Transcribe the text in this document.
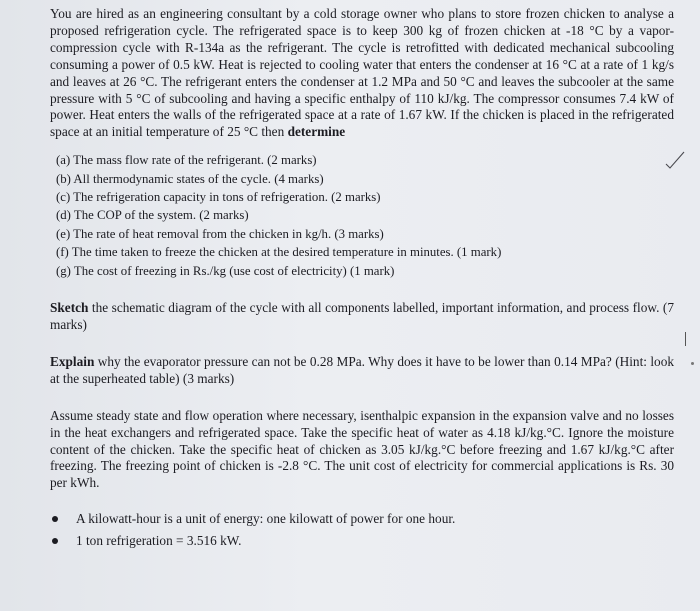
You are hired as an engineering consultant by a cold storage owner who plans to store frozen chicken to analyse a proposed refrigeration cycle. The refrigerated space is to keep 300 kg of frozen chicken at -18 °C by a vapor-compression cycle with R-134a as the refrigerant. The cycle is retrofitted with dedicated mechanical subcooling consuming a power of 0.5 kW. Heat is rejected to cooling water that enters the condenser at 16 °C at a rate of 1 kg/s and leaves at 26 °C. The refrigerant enters the condenser at 1.2 MPa and 50 °C and leaves the subcooler at the same pressure with 5 °C of subcooling and having a specific enthalpy of 110 kJ/kg. The compressor consumes 7.4 kW of power. Heat enters the walls of the refrigerated space at a rate of 1.67 kW. If the chicken is placed in the refrigerated space at an initial temperature of 25 °C then determine

(a) The mass flow rate of the refrigerant. (2 marks)
(b) All thermodynamic states of the cycle. (4 marks)
(c) The refrigeration capacity in tons of refrigeration. (2 marks)
(d) The COP of the system. (2 marks)
(e) The rate of heat removal from the chicken in kg/h. (3 marks)
(f) The time taken to freeze the chicken at the desired temperature in minutes. (1 mark)
(g) The cost of freezing in Rs./kg (use cost of electricity) (1 mark)

Sketch the schematic diagram of the cycle with all components labelled, important information, and process flow. (7 marks)

Explain why the evaporator pressure can not be 0.28 MPa. Why does it have to be lower than 0.14 MPa? (Hint: look at the superheated table) (3 marks)

Assume steady state and flow operation where necessary, isenthalpic expansion in the expansion valve and no losses in the heat exchangers and refrigerated space. Take the specific heat of water as 4.18 kJ/kg.°C. Ignore the moisture content of the chicken. Take the specific heat of chicken as 3.05 kJ/kg.°C before freezing and 1.67 kJ/kg.°C after freezing. The freezing point of chicken is -2.8 °C. The unit cost of electricity for commercial applications is Rs. 30 per kWh.

A kilowatt-hour is a unit of energy: one kilowatt of power for one hour.
1 ton refrigeration = 3.516 kW.
